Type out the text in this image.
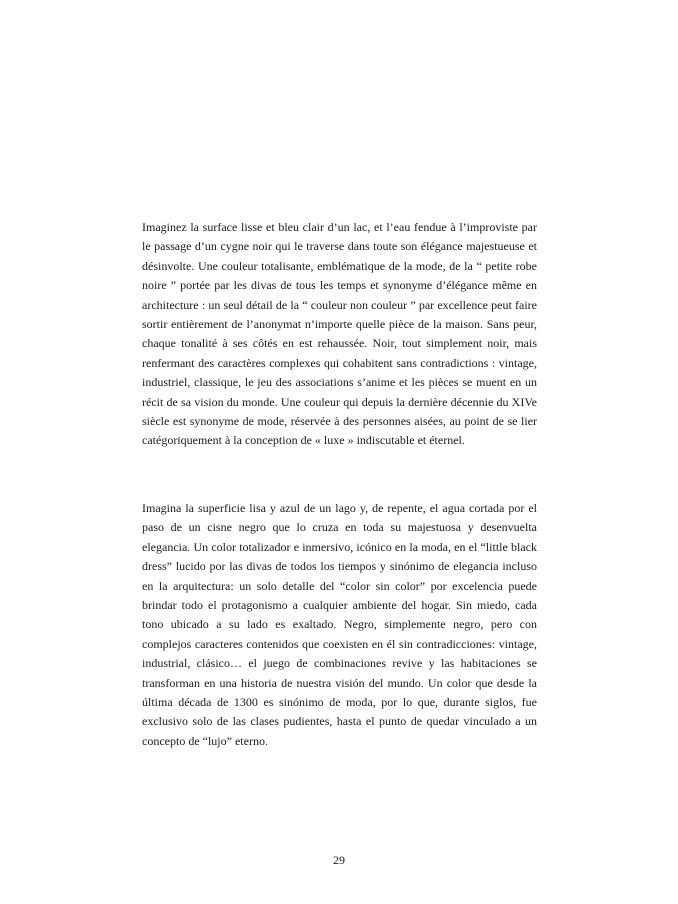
Imaginez la surface lisse et bleu clair d’un lac, et l’eau fendue à l’improviste par le passage d’un cygne noir qui le traverse dans toute son élégance majestueuse et désinvolte. Une couleur totalisante, emblématique de la mode, de la “ petite robe noire ” portée par les divas de tous les temps et synonyme d’élégance même en architecture : un seul détail de la “ couleur non couleur ” par excellence peut faire sortir entièrement de l’anonymat n’importe quelle pièce de la maison. Sans peur, chaque tonalité à ses côtés en est rehaussée. Noir, tout simplement noir, mais renfermant des caractères complexes qui cohabitent sans contradictions : vintage, industriel, classique, le jeu des associations s’anime et les pièces se muent en un récit de sa vision du monde. Une couleur qui depuis la dernière décennie du XIVe siècle est synonyme de mode, réservée à des personnes aisées, au point de se lier catégoriquement à la conception de « luxe » indiscutable et éternel.

Imagina la superficie lisa y azul de un lago y, de repente, el agua cortada por el paso de un cisne negro que lo cruza en toda su majestuosa y desenvuelta elegancia. Un color totalizador e inmersivo, icónico en la moda, en el “little black dress” lucido por las divas de todos los tiempos y sinónimo de elegancia incluso en la arquitectura: un solo detalle del “color sin color” por excelencia puede brindar todo el protagonismo a cualquier ambiente del hogar. Sin miedo, cada tono ubicado a su lado es exaltado. Negro, simplemente negro, pero con complejos caracteres contenidos que coexisten en él sin contradicciones: vintage, industrial, clásico… el juego de combinaciones revive y las habitaciones se transforman en una historia de nuestra visión del mundo. Un color que desde la última década de 1300 es sinónimo de moda, por lo que, durante siglos, fue exclusivo solo de las clases pudientes, hasta el punto de quedar vinculado a un concepto de “lujo” eterno.

29
